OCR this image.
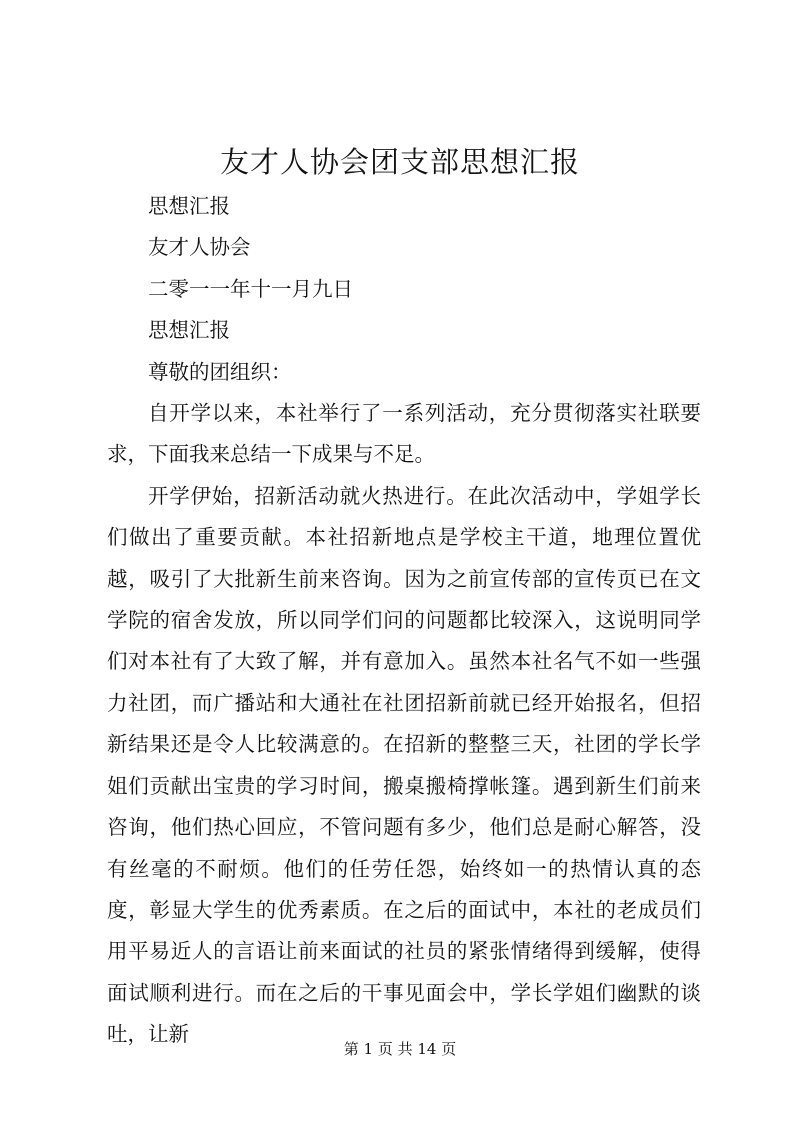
友才人协会团支部思想汇报

思想汇报

友才人协会

二零一一年十一月九日

思想汇报

尊敬的团组织：

自开学以来，本社举行了一系列活动，充分贯彻落实社联要求，下面我来总结一下成果与不足。

开学伊始，招新活动就火热进行。在此次活动中，学姐学长们做出了重要贡献。本社招新地点是学校主干道，地理位置优越，吸引了大批新生前来咨询。因为之前宣传部的宣传页已在文学院的宿舍发放，所以同学们问的问题都比较深入，这说明同学们对本社有了大致了解，并有意加入。虽然本社名气不如一些强力社团，而广播站和大通社在社团招新前就已经开始报名，但招新结果还是令人比较满意的。在招新的整整三天，社团的学长学姐们贡献出宝贵的学习时间，搬桌搬椅撑帐篷。遇到新生们前来咨询，他们热心回应，不管问题有多少，他们总是耐心解答，没有丝毫的不耐烦。他们的任劳任怨，始终如一的热情认真的态度，彰显大学生的优秀素质。在之后的面试中，本社的老成员们用平易近人的言语让前来面试的社员的紧张情绪得到缓解，使得面试顺利进行。而在之后的干事见面会中，学长学姐们幽默的谈吐，让新

第 1 页 共 14 页
